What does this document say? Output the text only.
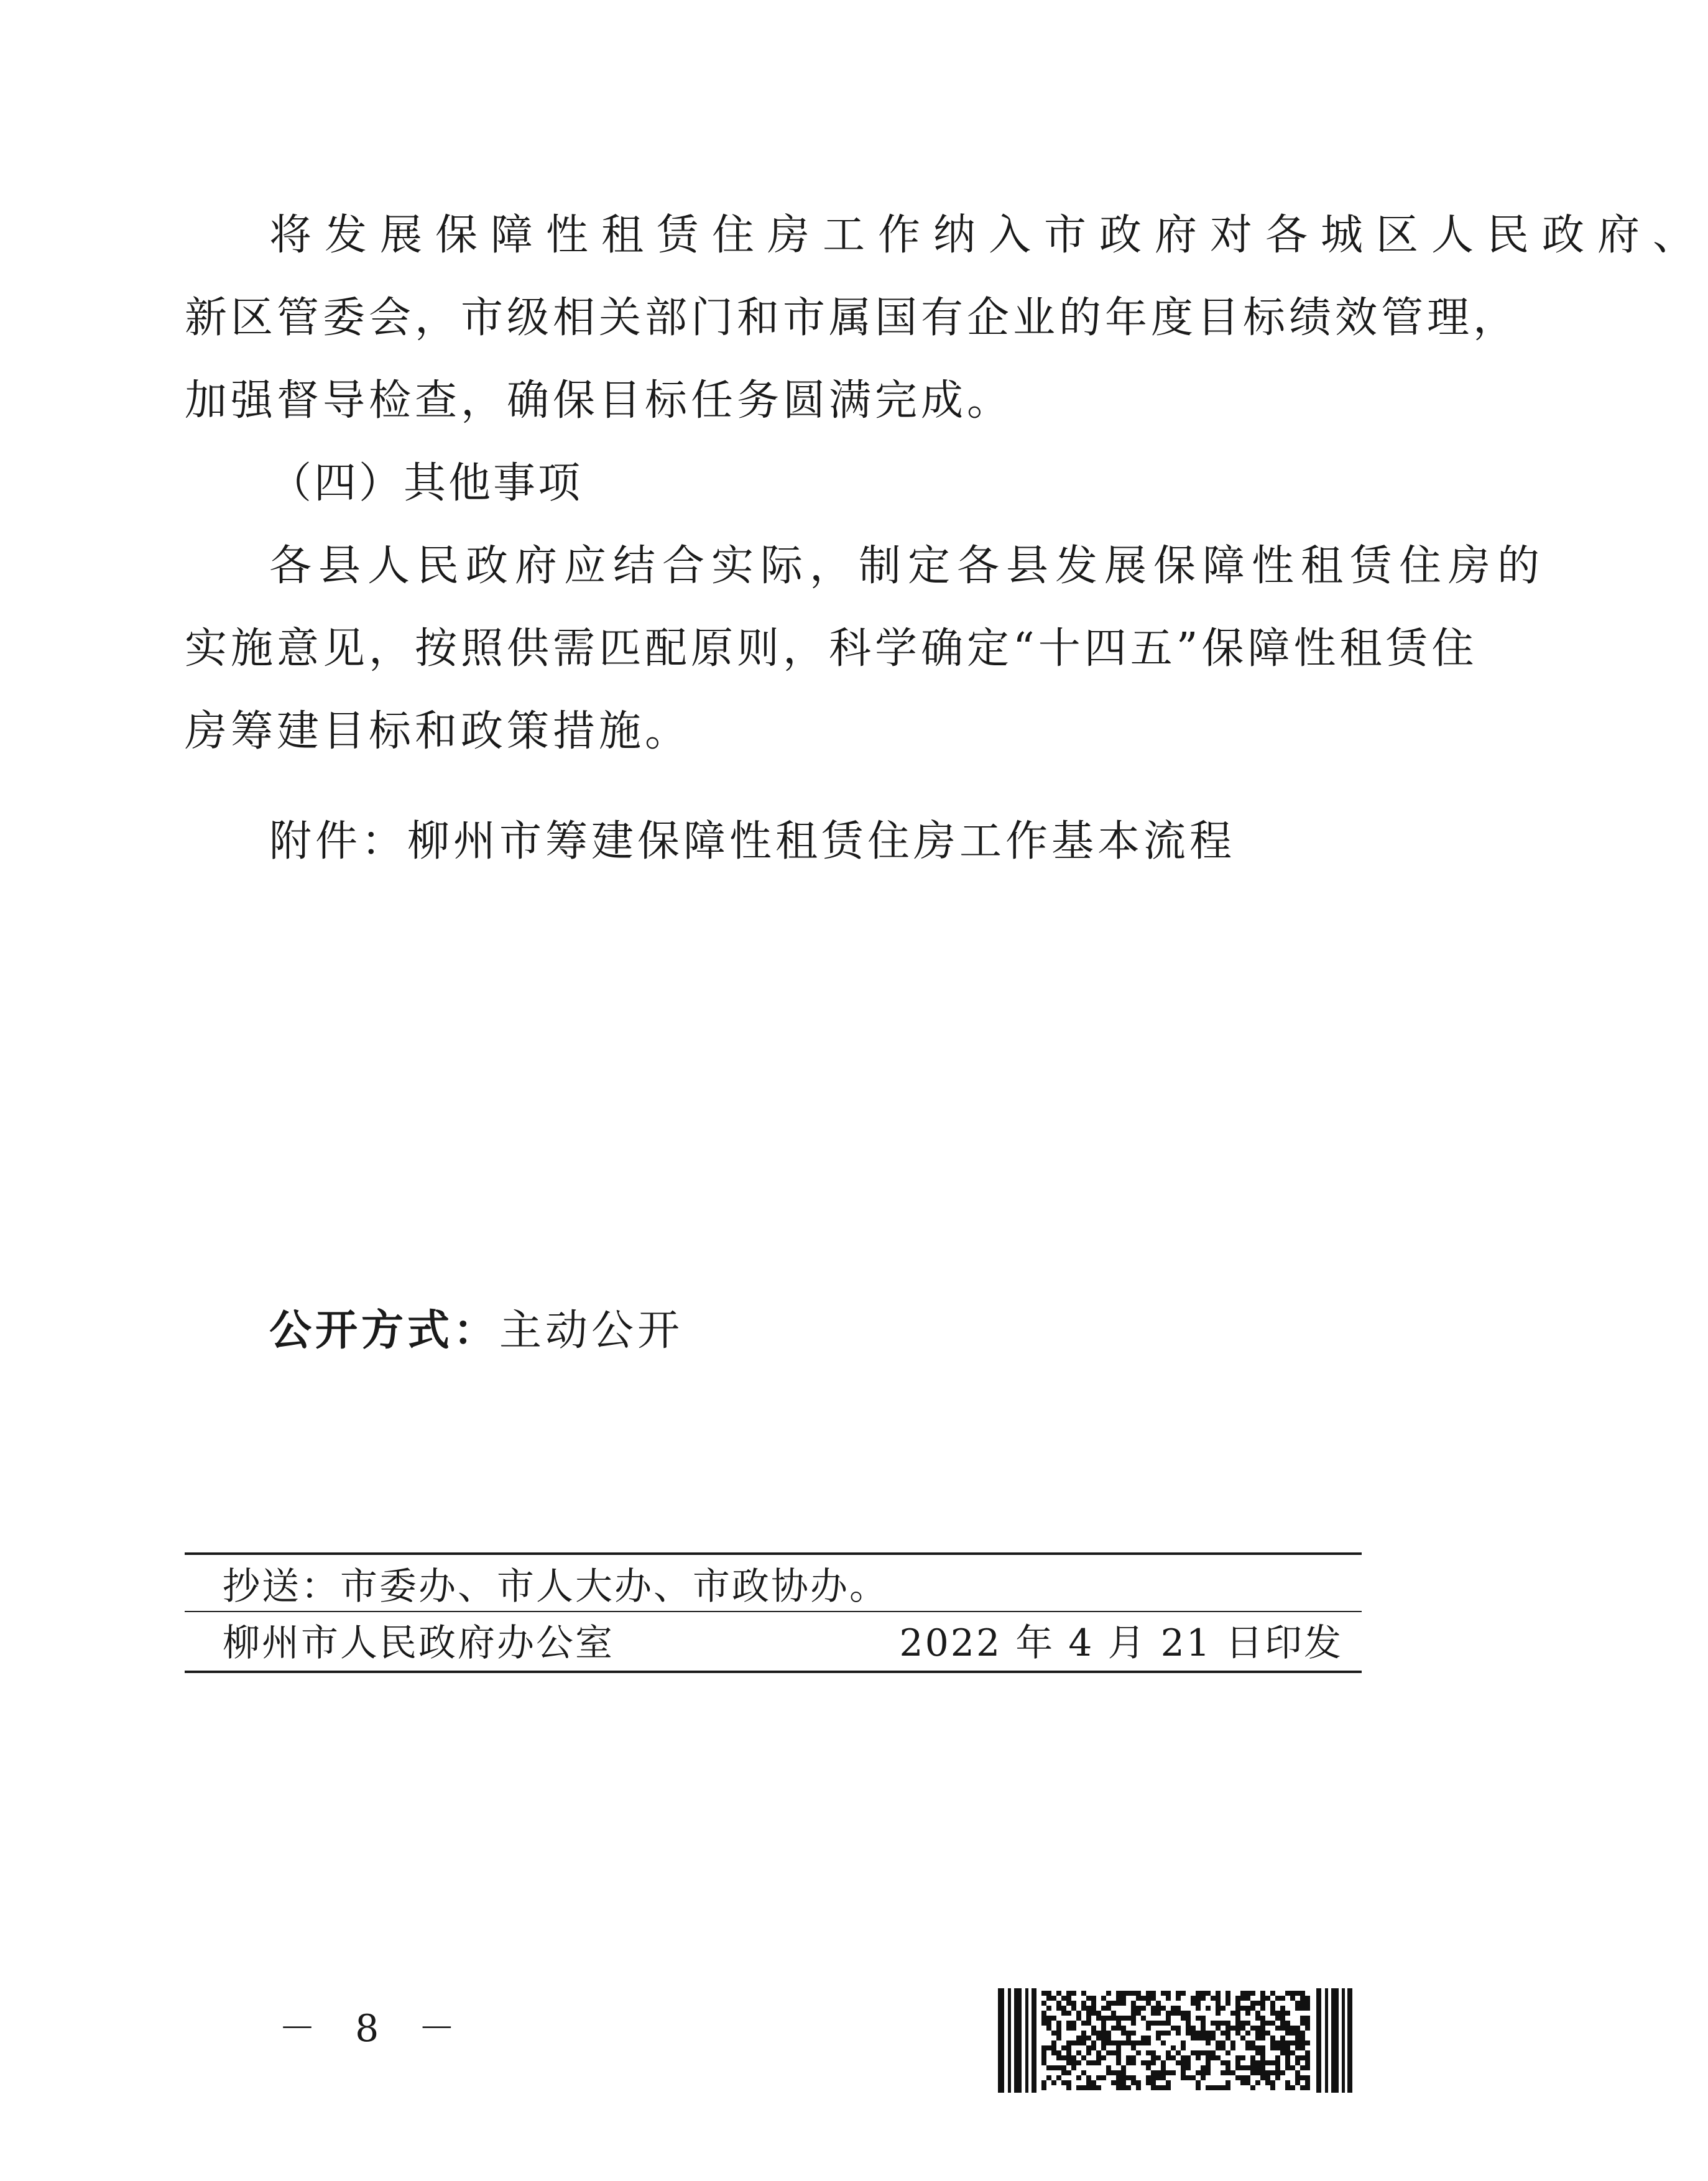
将发展保障性租赁住房工作纳入市政府对各城区人民政府、
新区管委会，市级相关部门和市属国有企业的年度目标绩效管理，
加强督导检查，确保目标任务圆满完成。
（四）其他事项
各县人民政府应结合实际，制定各县发展保障性租赁住房的
实施意见，按照供需匹配原则，科学确定“十四五”保障性租赁住
房筹建目标和政策措施。
附件：柳州市筹建保障性租赁住房工作基本流程
公开方式：主动公开
抄送：市委办、市人大办、市政协办。
柳州市人民政府办公室	2022 年 4 月 21 日印发
－ 8 －
